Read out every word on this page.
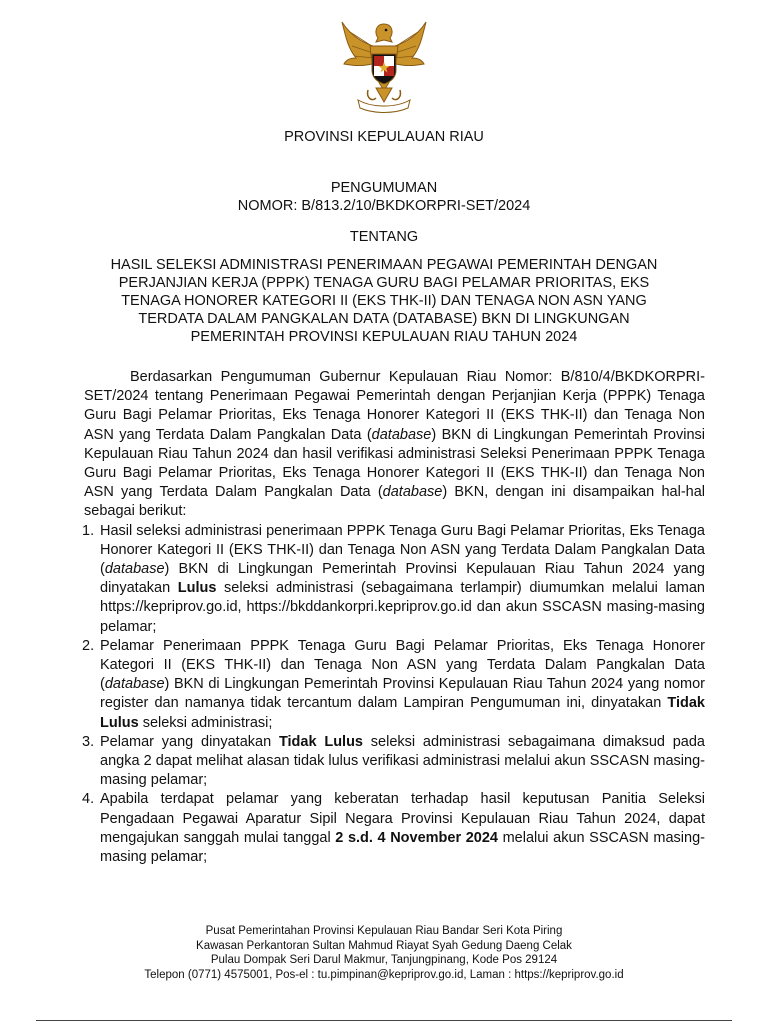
PROVINSI KEPULAUAN RIAU
PENGUMUMAN
NOMOR: B/813.2/10/BKDKORPRI-SET/2024
TENTANG
HASIL SELEKSI ADMINISTRASI PENERIMAAN PEGAWAI PEMERINTAH DENGAN
PERJANJIAN KERJA (PPPK) TENAGA GURU BAGI PELAMAR PRIORITAS, EKS
TENAGA HONORER KATEGORI II (EKS THK-II) DAN TENAGA NON ASN YANG
TERDATA DALAM PANGKALAN DATA (DATABASE) BKN DI LINGKUNGAN
PEMERINTAH PROVINSI KEPULAUAN RIAU TAHUN 2024
Berdasarkan Pengumuman Gubernur Kepulauan Riau Nomor: B/810/4/BKDKORPRI-SET/2024 tentang Penerimaan Pegawai Pemerintah dengan Perjanjian Kerja (PPPK) Tenaga Guru Bagi Pelamar Prioritas, Eks Tenaga Honorer Kategori II (EKS THK-II) dan Tenaga Non ASN yang Terdata Dalam Pangkalan Data (database) BKN di Lingkungan Pemerintah Provinsi Kepulauan Riau Tahun 2024 dan hasil verifikasi administrasi Seleksi Penerimaan PPPK Tenaga Guru Bagi Pelamar Prioritas, Eks Tenaga Honorer Kategori II (EKS THK-II) dan Tenaga Non ASN yang Terdata Dalam Pangkalan Data (database) BKN, dengan ini disampaikan hal-hal sebagai berikut:
1. Hasil seleksi administrasi penerimaan PPPK Tenaga Guru Bagi Pelamar Prioritas, Eks Tenaga Honorer Kategori II (EKS THK-II) dan Tenaga Non ASN yang Terdata Dalam Pangkalan Data (database) BKN di Lingkungan Pemerintah Provinsi Kepulauan Riau Tahun 2024 yang dinyatakan Lulus seleksi administrasi (sebagaimana terlampir) diumumkan melalui laman https://kepriprov.go.id, https://bkddankorpri.kepriprov.go.id dan akun SSCASN masing-masing pelamar;
2. Pelamar Penerimaan PPPK Tenaga Guru Bagi Pelamar Prioritas, Eks Tenaga Honorer Kategori II (EKS THK-II) dan Tenaga Non ASN yang Terdata Dalam Pangkalan Data (database) BKN di Lingkungan Pemerintah Provinsi Kepulauan Riau Tahun 2024 yang nomor register dan namanya tidak tercantum dalam Lampiran Pengumuman ini, dinyatakan Tidak Lulus seleksi administrasi;
3. Pelamar yang dinyatakan Tidak Lulus seleksi administrasi sebagaimana dimaksud pada angka 2 dapat melihat alasan tidak lulus verifikasi administrasi melalui akun SSCASN masing-masing pelamar;
4. Apabila terdapat pelamar yang keberatan terhadap hasil keputusan Panitia Seleksi Pengadaan Pegawai Aparatur Sipil Negara Provinsi Kepulauan Riau Tahun 2024, dapat mengajukan sanggah mulai tanggal 2 s.d. 4 November 2024 melalui akun SSCASN masing-masing pelamar;
Pusat Pemerintahan Provinsi Kepulauan Riau Bandar Seri Kota Piring
Kawasan Perkantoran Sultan Mahmud Riayat Syah Gedung Daeng Celak
Pulau Dompak Seri Darul Makmur, Tanjungpinang, Kode Pos 29124
Telepon (0771) 4575001, Pos-el : tu.pimpinan@kepriprov.go.id, Laman : https://kepriprov.go.id
